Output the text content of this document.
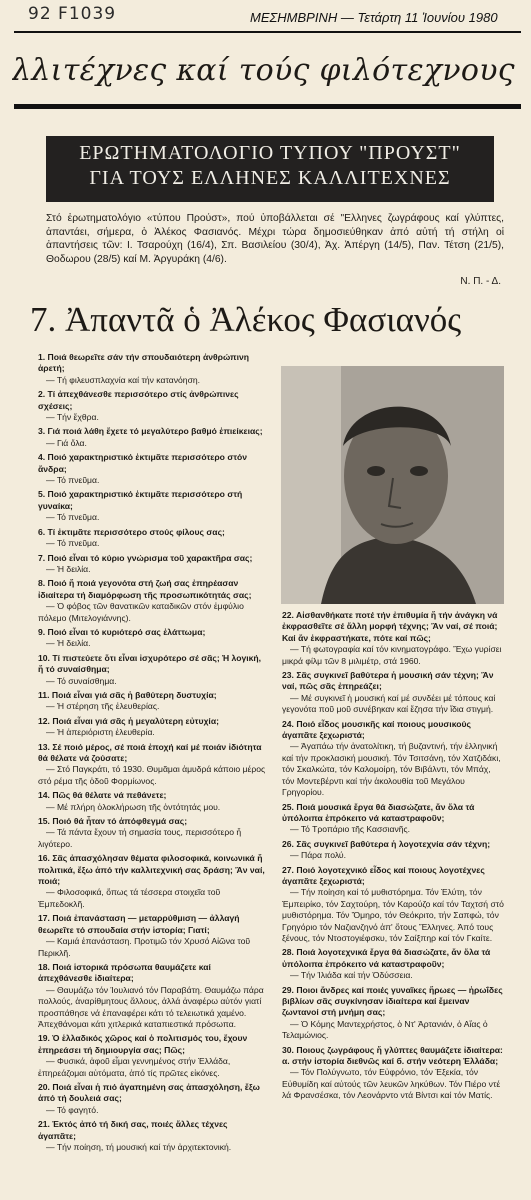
92 F1039	ΜΕΣΗΜΒΡΙΝΗ — Τετάρτη 11 Ἰουνίου 1980
λλιτέχνες καί τούς φιλότεχνους
ΕΡΩΤΗΜΑΤΟΛΟΓΙΟ ΤΥΠΟΥ "ΠΡΟΥΣΤ"
ΓΙΑ ΤΟΥΣ ΕΛΛΗΝΕΣ ΚΑΛΛΙΤΕΧΝΕΣ
Στό ἐρωτηματολόγιο «τύπου Προύστ», πού ὑποβάλλεται σέ "Ελληνες ζωγράφους καί γλύπτες, ἀπαντάει, σήμερα, ὁ Ἀλέκος Φασιανός. Μέχρι τώρα δημοσιεύθηκαν ἀπό αὐτή τή στήλη οἱ ἀπαντήσεις τῶν: Ι. Τσαρούχη (16/4), Σπ. Βασιλείου (30/4), Ἀχ. Ἀπέργη (14/5), Παν. Τέτση (21/5), Θοδωρου (28/5) καί Μ. Ἀργυράκη (4/6).
Ν. Π. - Δ.
7. Ἀπαντᾶ ὁ Ἀλέκος Φασιανός

1. Ποιά θεωρεῖτε σάν τήν σπουδαιότερη ἀνθρώπινη ἀρετή;
— Τή φιλευσπλαχνία καί τήν κατανόηση.

2. Τί ἀπεχθάνεσθε περισσότερο στίς ἀνθρώπινες σχέσεις;
— Τήν ἔχθρα.

3. Γιά ποιά λάθη ἔχετε τό μεγαλύτερο βαθμό ἐπιείκειας;
— Γιά ὅλα.

4. Ποιό χαρακτηριστικό ἐκτιμᾶτε περισσότερο στόν ἄνδρα;
— Τό πνεῦμα.

5. Ποιό χαρακτηριστικό ἐκτιμᾶτε περισσότερο στή γυναίκα;
— Τό πνεῦμα.

6. Τί ἐκτιμᾶτε περισσότερο στούς φίλους σας;
— Τό πνεῦμα.

7. Ποιό εἶναι τό κύριο γνώρισμα τοῦ χαρακτῆρα σας;
— Ἡ δειλία.

8. Ποιό ἤ ποιά γεγονότα στή ζωή σας ἐπηρέασαν ἰδιαίτερα τή διαμόρφωση τῆς προσωπικότητάς σας;
— Ὁ φόβος τῶν θανατικῶν καταδικῶν στόν ἐμφύλιο πόλεμο (Μιτελογιάννης).

9. Ποιό εἶναι τό κυριότερό σας ἐλάττωμα;
— Ἡ δειλία.

10. Τί πιστεύετε ὅτι εἶναι ἰσχυρότερο σέ σᾶς; Ἡ λογική, ἤ τό συναίσθημα;
— Τό συναίσθημα.

11. Ποιά εἶναι γιά σᾶς ἡ βαθύτερη δυστυχία;
— Ἡ στέρηση τῆς ἐλευθερίας.

12. Ποιά εἶναι γιά σᾶς ἡ μεγαλύτερη εὐτυχία;
— Ἡ ἀπεριόριστη ἐλευθερία.

13. Σέ ποιό μέρος, σέ ποιά ἐποχή καί μέ ποιάν ἰδιότητα θά θέλατε νά ζούσατε;
— Στό Παγκράτι, τό 1930. Θυμᾶμαι ἀμυδρά κάποιο μέρος στό ρέμα τῆς ὁδοῦ Φορμίωνος.

14. Πῶς θά θέλατε νά πεθάνετε;
— Μέ πλήρη ὁλοκλήρωση τῆς ὀντότητάς μου.

15. Ποιό θά ἦταν τό ἀπόφθεγμά σας;
— Τά πάντα ἔχουν τή σημασία τους, περισσότερο ἤ λιγότερο.

16. Σᾶς ἀπασχόλησαν θέματα φιλοσοφικά, κοινωνικά ἤ πολιτικά, ἔξω ἀπό τήν καλλιτεχνική σας δράση; Ἄν ναί, ποιά;
— Φιλοσοφικά, ὅπως τά τέσσερα στοιχεῖα τοῦ Ἐμπεδοκλῆ.

17. Ποιά ἐπανάσταση — μεταρρύθμιση — ἀλλαγή θεωρεῖτε τό σπουδαία στήν ἱστορία; Γιατί;
— Καμιά ἐπανάσταση. Προτιμῶ τόν Χρυσό Αἰῶνα τοῦ Περικλῆ.

18. Ποιά ἱστορικά πρόσωπα θαυμάζετε καί ἀπεχθάνεσθε ἰδιαίτερα;
— Θαυμάζω τόν Ἰουλιανό τόν Παραβάτη. Θαυμάζω πάρα πολλούς, ἀναρίθμητους ἄλλους, ἀλλά ἀναφέρω αὐτόν γιατί προσπάθησε νά ἐπαναφέρει κάτι τό τελειωτικά χαμένο. Ἀπεχθάνομαι κάτι χιτλερικά καταπιεστικά πρόσωπα.

19. Ὁ ἑλλαδικός χῶρος καί ὁ πολιτισμός του, ἔχουν ἐπηρεάσει τή δημιουργία σας; Πῶς;
— Φυσικά, ἀφοῦ εἶμαι γεννημένος στήν Ἑλλάδα, ἐπηρεάζομαι αὐτόματα, ἀπό τίς πρῶτες εἰκόνες.

20. Ποιά εἶναι ἡ πιό ἀγαπημένη σας ἀπασχόληση, ἔξω ἀπό τή δουλειά σας;
— Τό φαγητό.

21. Ἐκτός ἀπό τή δική σας, ποιές ἄλλες τέχνες ἀγαπᾶτε;
— Τήν ποίηση, τή μουσική καί τήν ἀρχιτεκτονική.

22. Αἰσθανθήκατε ποτέ τήν ἐπιθυμία ἤ τήν ἀνάγκη νά ἐκφρασθεῖτε σέ ἄλλη μορφή τέχνης; Ἄν ναί, σέ ποιά; Καί ἄν ἐκφραστήκατε, πότε καί πῶς;
— Τή φωτογραφία καί τόν κινηματογράφο. Ἔχω γυρίσει μικρά φίλμ τῶν 8 μιλιμέτρ, στά 1960.

23. Σᾶς συγκινεῖ βαθύτερα ἡ μουσική σάν τέχνη; Ἄν ναί, πῶς σᾶς ἐπηρεάζει;
— Μέ συγκινεῖ ἡ μουσική καί μέ συνδέει μέ τόπους καί γεγονότα ποῦ μοῦ συνέβηκαν καί ἔζησα τήν ἴδια στιγμή.

24. Ποιό εἶδος μουσικῆς καί ποιους μουσικούς ἀγαπᾶτε ξεχωριστά;
— Ἀγαπάω τήν ἀνατολίτικη, τή βυζαντινή, τήν ἑλληνική καί τήν προκλασική μουσική. Τόν Τσιτσάνη, τόν Χατζιδάκι, τόν Σκαλκώτα, τόν Καλομοίρη, τόν Βιβάλντι, τόν Μπάχ, τόν Μοντεβέρντι καί τήν ἀκολουθία τοῦ Μεγάλου Γρηγορίου.

25. Ποιά μουσικά ἔργα θά διασώζατε, ἄν ὅλα τά ὑπόλοιπα ἐπρόκειτο νά καταστραφοῦν;
— Τό Τροπάριο τῆς Κασσιανῆς.

26. Σᾶς συγκινεῖ βαθύτερα ἡ λογοτεχνία σάν τέχνη;
— Πάρα πολύ.

27. Ποιό λογοτεχνικό εἶδος καί ποιους λογοτέχνες ἀγαπᾶτε ξεχωριστά;
— Τήν ποίηση καί τό μυθιστόρημα. Τόν Ἐλύτη, τόν Ἐμπειρίκο, τόν Σαχτούρη, τόν Καρούζο καί τόν Ταχτσή στό μυθιστόρημα. Τόν Ὅμηρο, τόν Θεόκριτο, τήν Σαπφώ, τόν Γρηγόριο τόν Ναζιανζηνό ἀπ' ὅτους Ἕλληνες. Ἀπό τους ξένους, τόν Ντοστογιέφσκυ, τόν Σαίξπηρ καί τόν Γκαίτε.

28. Ποιά λογοτεχνικά ἔργα θά διασώζατε, ἄν ὅλα τά ὑπόλοιπα ἐπρόκειτο νά καταστραφοῦν;
— Τήν Ἰλιάδα καί τήν Ὀδύσσεια.

29. Ποιοι ἄνδρες καί ποιές γυναῖκες ἥρωες — ἡρωΐδες βιβλίων σᾶς συγκίνησαν ἰδιαίτερα καί ἔμειναν ζωντανοί στή μνήμη σας;
— Ὁ Κόμης Μαντεχρήστος, ὁ Ντ' Ἀρτανιάν, ὁ Αἴας ὁ Τελαμώνιος.

30. Ποιους ζωγράφους ἤ γλύπτες θαυμάζετε ἰδιαίτερα: α. στήν ἱστορία διεθνῶς καί б. στήν νεότερη Ἑλλάδα;
— Τόν Πολύγνωτο, τόν Εὐφρόνιο, τόν Ἐξεκία, τόν Εὐθυμίδη καί αὐτούς τῶν λευκῶν ληκύθων. Τόν Πιέρο ντέ λά Φρανσέσκα, τόν Λεονάρντο ντά Βίντσι καί τόν Ματίς.
